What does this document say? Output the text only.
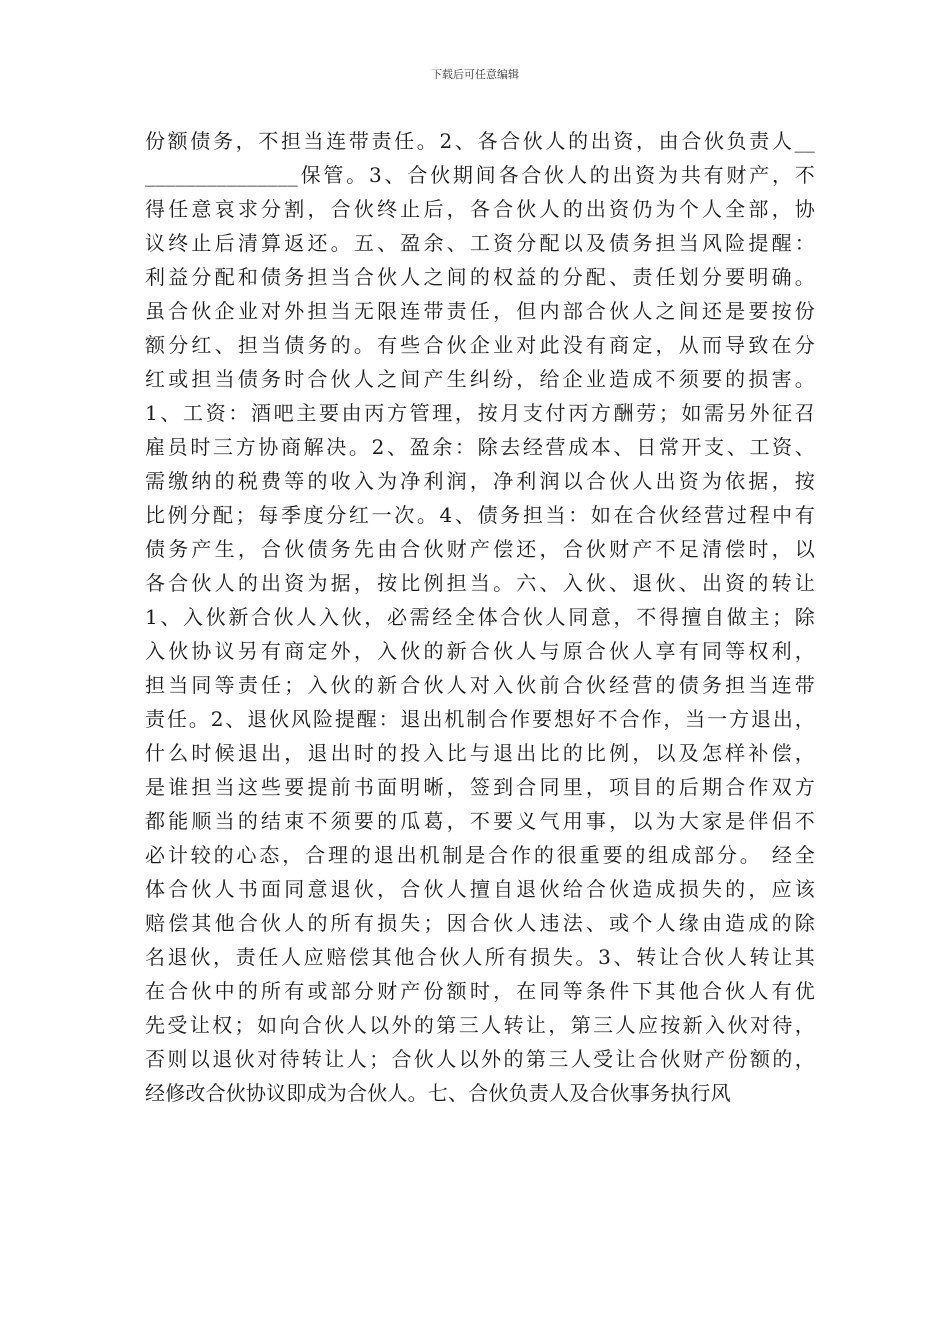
下载后可任意编辑
份额债务，不担当连带责任。2、各合伙人的出资，由合伙负责人__
_______________保管。3、合伙期间各合伙人的出资为共有财产，不
得任意哀求分割，合伙终止后，各合伙人的出资仍为个人全部，协
议终止后清算返还。五、盈余、工资分配以及债务担当风险提醒：
利益分配和债务担当合伙人之间的权益的分配、责任划分要明确。
虽合伙企业对外担当无限连带责任，但内部合伙人之间还是要按份
额分红、担当债务的。有些合伙企业对此没有商定，从而导致在分
红或担当债务时合伙人之间产生纠纷，给企业造成不须要的损害。
1、工资：酒吧主要由丙方管理，按月支付丙方酬劳；如需另外征召
雇员时三方协商解决。2、盈余：除去经营成本、日常开支、工资、
需缴纳的税费等的收入为净利润，净利润以合伙人出资为依据，按
比例分配；每季度分红一次。4、债务担当：如在合伙经营过程中有
债务产生，合伙债务先由合伙财产偿还，合伙财产不足清偿时，以
各合伙人的出资为据，按比例担当。六、入伙、退伙、出资的转让
1、入伙新合伙人入伙，必需经全体合伙人同意，不得擅自做主；除
入伙协议另有商定外，入伙的新合伙人与原合伙人享有同等权利，
担当同等责任；入伙的新合伙人对入伙前合伙经营的债务担当连带
责任。2、退伙风险提醒：退出机制合作要想好不合作，当一方退出，
什么时候退出，退出时的投入比与退出比的比例，以及怎样补偿，
是谁担当这些要提前书面明晰，签到合同里，项目的后期合作双方
都能顺当的结束不须要的瓜葛，不要义气用事，以为大家是伴侣不
必计较的心态，合理的退出机制是合作的很重要的组成部分。 经全
体合伙人书面同意退伙，合伙人擅自退伙给合伙造成损失的，应该
赔偿其他合伙人的所有损失；因合伙人违法、或个人缘由造成的除
名退伙，责任人应赔偿其他合伙人所有损失。3、转让合伙人转让其
在合伙中的所有或部分财产份额时，在同等条件下其他合伙人有优
先受让权；如向合伙人以外的第三人转让，第三人应按新入伙对待，
否则以退伙对待转让人；合伙人以外的第三人受让合伙财产份额的，
经修改合伙协议即成为合伙人。七、合伙负责人及合伙事务执行风
